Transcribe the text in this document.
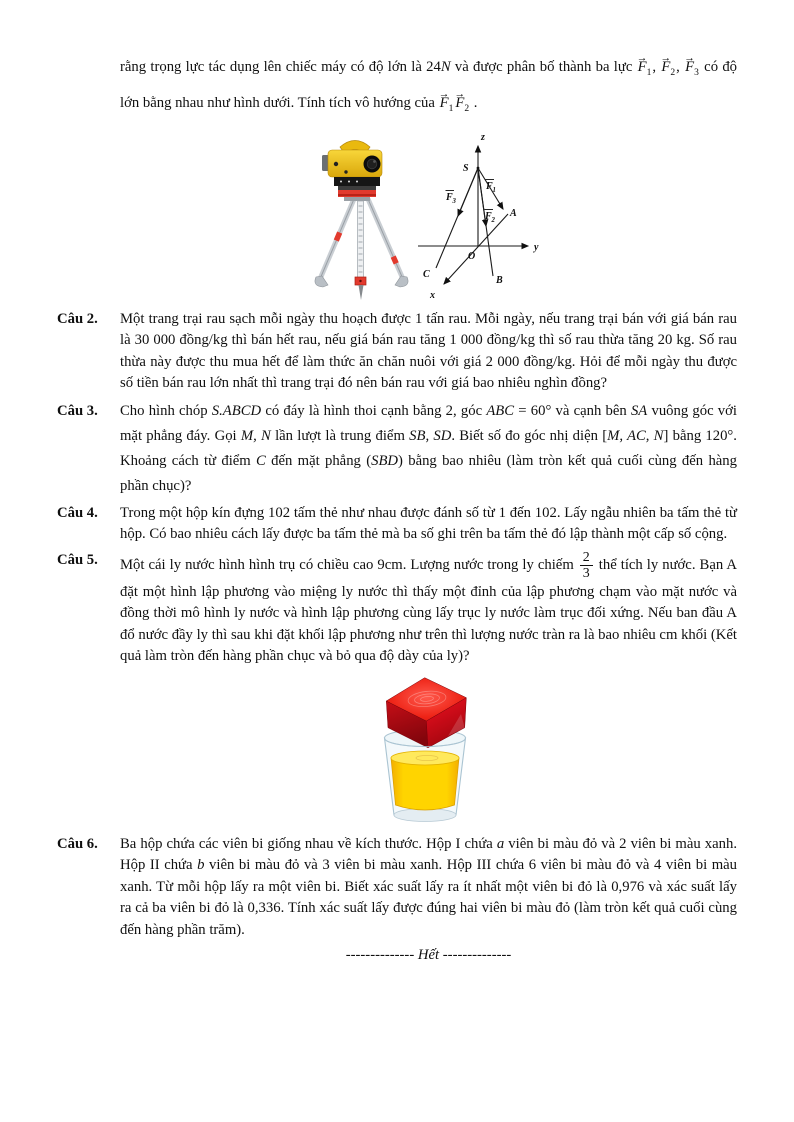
rằng trọng lực tác dụng lên chiếc máy có độ lớn là 24N và được phân bố thành ba lực $F \to_1$, $F \to_2$, $F \to_3$ có độ lớn bằng nhau như hình dưới. Tính tích vô hướng của $F \to_1$ $F \to_2$ .
z
y
x
S
A
B
C
O
F 1
F 2
F 3
Câu 2.	Một trang trại rau sạch mỗi ngày thu hoạch được 1 tấn rau. Mỗi ngày, nếu trang trại bán với giá bán rau là 30 000 đồng/kg thì bán hết rau, nếu giá bán rau tăng 1 000 đồng/kg thì số rau thừa tăng 20 kg. Số rau thừa này được thu mua hết để làm thức ăn chăn nuôi với giá 2 000 đồng/kg. Hỏi để mỗi ngày thu được số tiền bán rau lớn nhất thì trang trại đó nên bán rau với giá bao nhiêu nghìn đồng?
Câu 3.	Cho hình chóp S.ABCD có đáy là hình thoi cạnh bằng 2, góc ABC = 60° và cạnh bên SA vuông góc với mặt phẳng đáy. Gọi M, N lần lượt là trung điểm SB, SD. Biết số đo góc nhị diện [M, AC, N] bằng 120°. Khoảng cách từ điểm C đến mặt phẳng (SBD) bằng bao nhiêu (làm tròn kết quả cuối cùng đến hàng phần chục)?
Câu 4.	Trong một hộp kín đựng 102 tấm thẻ như nhau được đánh số từ 1 đến 102. Lấy ngẫu nhiên ba tấm thẻ từ hộp. Có bao nhiêu cách lấy được ba tấm thẻ mà ba số ghi trên ba tấm thẻ đó lập thành một cấp số cộng.
Câu 5.	Một cái ly nước hình hình trụ có chiều cao 9cm. Lượng nước trong ly chiếm $\frac{2}{3}$ thể tích ly nước. Bạn A đặt một hình lập phương vào miệng ly nước thì thấy một đỉnh của lập phương chạm vào mặt nước và đồng thời mô hình ly nước và hình lập phương cùng lấy trục ly nước làm trục đối xứng. Nếu ban đầu A đổ nước đầy ly thì sau khi đặt khối lập phương như trên thì lượng nước tràn ra là bao nhiêu cm khối (Kết quả làm tròn đến hàng phần chục và bỏ qua độ dày của ly)?
Câu 6.	Ba hộp chứa các viên bi giống nhau về kích thước. Hộp I chứa a viên bi màu đỏ và 2 viên bi màu xanh. Hộp II chứa b viên bi màu đỏ và 3 viên bi màu xanh. Hộp III chứa 6 viên bi màu đỏ và 4 viên bi màu xanh. Từ mỗi hộp lấy ra một viên bi. Biết xác suất lấy ra ít nhất một viên bi đỏ là 0,976 và xác suất lấy ra cả ba viên bi đỏ là 0,336. Tính xác suất lấy được đúng hai viên bi màu đỏ (làm tròn kết quả cuối cùng đến hàng phần trăm).
-------------- Hết --------------
